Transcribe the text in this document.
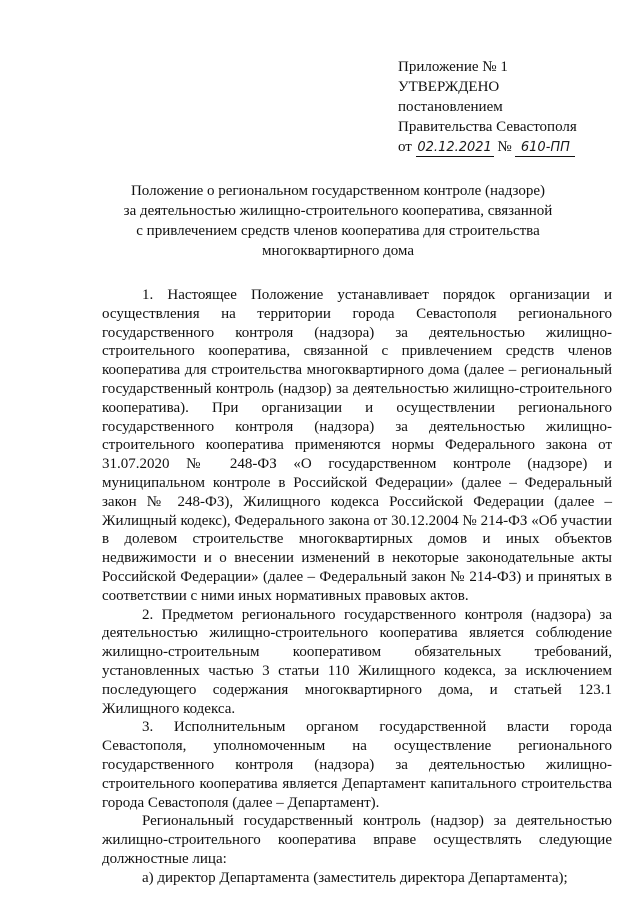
Приложение № 1
УТВЕРЖДЕНО
постановлением
Правительства Севастополя
от 02.12.2021 № 610-ПП
Положение о региональном государственном контроле (надзоре)
за деятельностью жилищно-строительного кооператива, связанной
с привлечением средств членов кооператива для строительства
многоквартирного дома

1. Настоящее Положение устанавливает порядок организации и осуществления на территории города Севастополя регионального государственного контроля (надзора) за деятельностью жилищно-строительного кооператива, связанной с привлечением средств членов кооператива для строительства многоквартирного дома (далее – региональный государственный контроль (надзор) за деятельностью жилищно-строительного кооператива). При организации и осуществлении регионального государственного контроля (надзора) за деятельностью жилищно-строительного кооператива применяются нормы Федерального закона от 31.07.2020 № 248-ФЗ «О государственном контроле (надзоре) и муниципальном контроле в Российской Федерации» (далее – Федеральный закон № 248-ФЗ), Жилищного кодекса Российской Федерации (далее – Жилищный кодекс), Федерального закона от 30.12.2004 № 214-ФЗ «Об участии в долевом строительстве многоквартирных домов и иных объектов недвижимости и о внесении изменений в некоторые законодательные акты Российской Федерации» (далее – Федеральный закон № 214-ФЗ) и принятых в соответствии с ними иных нормативных правовых актов.

2. Предметом регионального государственного контроля (надзора) за деятельностью жилищно-строительного кооператива является соблюдение жилищно-строительным кооперативом обязательных требований, установленных частью 3 статьи 110 Жилищного кодекса, за исключением последующего содержания многоквартирного дома, и статьей 123.1 Жилищного кодекса.

3. Исполнительным органом государственной власти города Севастополя, уполномоченным на осуществление регионального государственного контроля (надзора) за деятельностью жилищно-строительного кооператива является Департамент капитального строительства города Севастополя (далее – Департамент).

Региональный государственный контроль (надзор) за деятельностью жилищно-строительного кооператива вправе осуществлять следующие должностные лица:

а) директор Департамента (заместитель директора Департамента);
